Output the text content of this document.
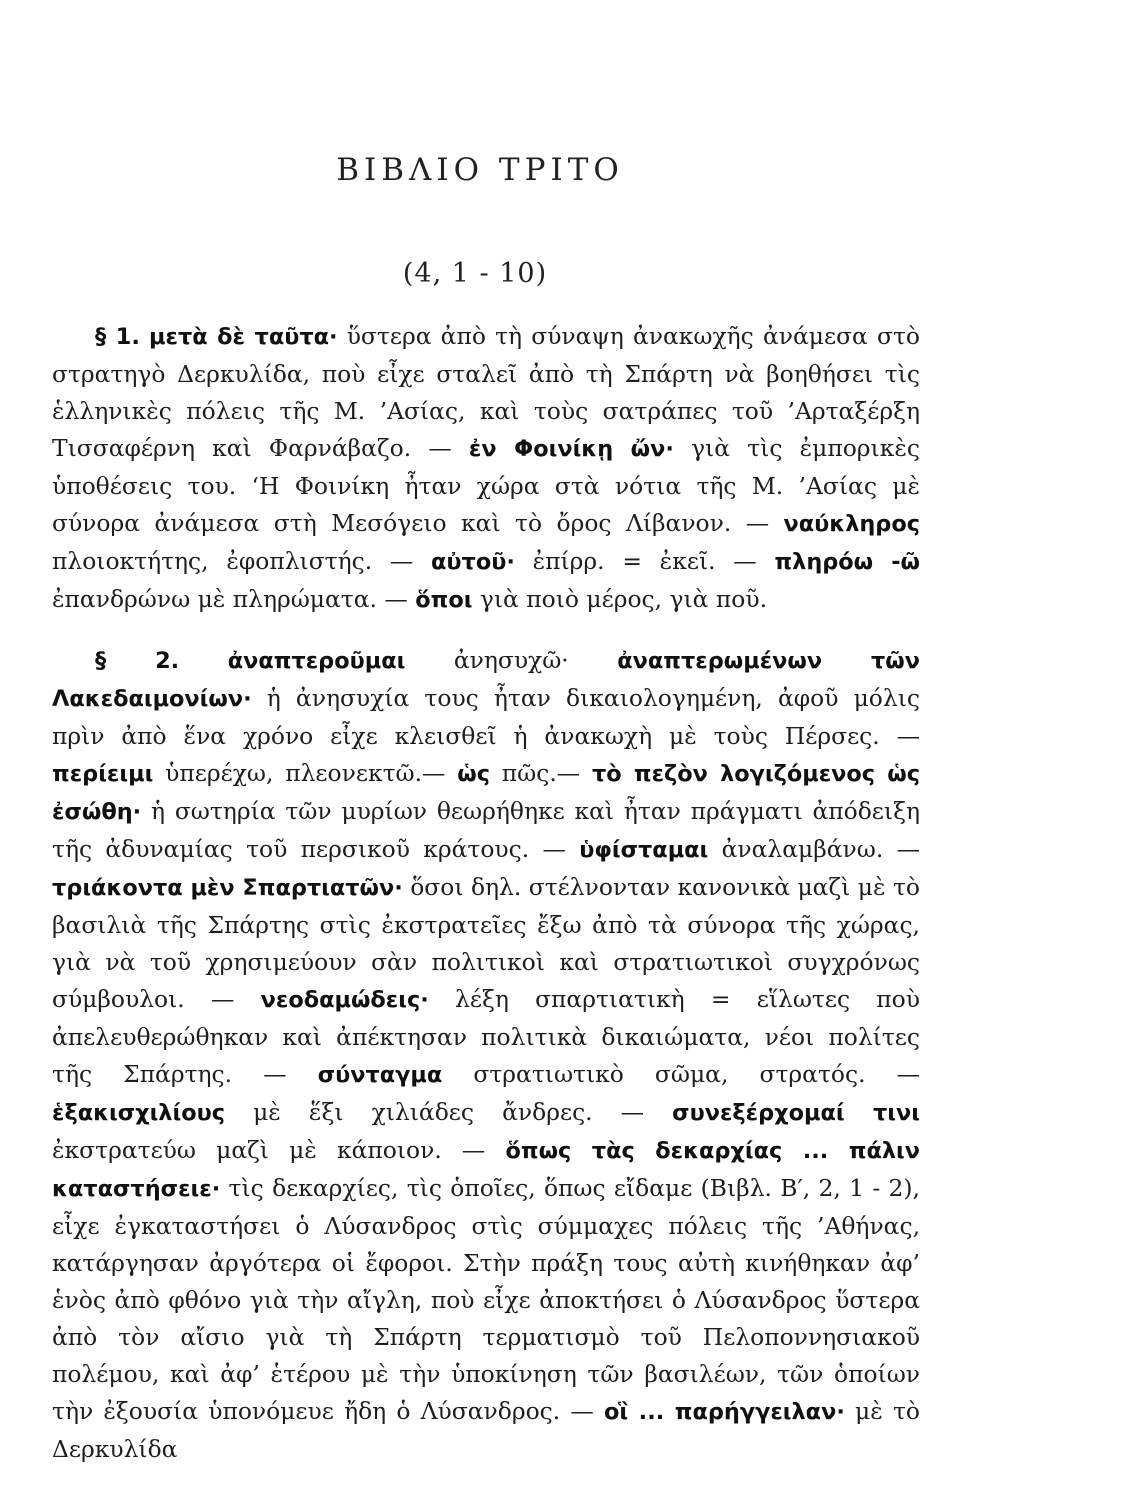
ΒΙΒΛΙΟ ΤΡΙΤΟ
(4, 1 - 10)

§ 1. μετὰ δὲ ταῦτα· ὕστερα ἀπὸ τὴ σύναψη ἀνακωχῆς ἀνάμεσα στὸ στρατηγὸ Δερκυλίδα, ποὺ εἶχε σταλεῖ ἀπὸ τὴ Σπάρτη νὰ βοηθήσει τὶς ἑλληνικὲς πόλεις τῆς Μ. ’Ασίας, καὶ τοὺς σατράπες τοῦ ’Αρταξέρξη Τισσαφέρνη καὶ Φαρνάβαζο. — ἐν Φοινίκῃ ὤν· γιὰ τὶς ἐμπορικὲς ὑποθέσεις του. ‘Η Φοινίκη ἦταν χώρα στὰ νότια τῆς Μ. ’Ασίας μὲ σύνορα ἀνάμεσα στὴ Μεσόγειο καὶ τὸ ὄρος Λίβανον. — ναύκληρος πλοιοκτήτης, ἐφοπλιστής. — αὐτοῦ· ἐπίρρ. = ἐκεῖ. — πληρόω -ῶ ἐπανδρώνω μὲ πληρώματα. — ὅποι γιὰ ποιὸ μέρος, γιὰ ποῦ.

§ 2. ἀναπτεροῦμαι ἀνησυχῶ· ἀναπτερωμένων τῶν Λακεδαιμονίων· ἡ ἀνησυχία τους ἦταν δικαιολογημένη, ἀφοῦ μόλις πρὶν ἀπὸ ἕνα χρόνο εἶχε κλεισθεῖ ἡ ἀνακωχὴ μὲ τοὺς Πέρσες. — περίειμι ὑπερέχω, πλεονεκτῶ.— ὡς πῶς.— τὸ πεζὸν λογιζόμενος ὡς ἐσώθη· ἡ σωτηρία τῶν μυρίων θεωρήθηκε καὶ ἦταν πράγματι ἀπόδειξη τῆς ἀδυναμίας τοῦ περσικοῦ κράτους. — ὑφίσταμαι ἀναλαμβάνω. — τριάκοντα μὲν Σπαρτιατῶν· ὅσοι δηλ. στέλνονταν κανονικὰ μαζὶ μὲ τὸ βασιλιὰ τῆς Σπάρτης στὶς ἐκστρατεῖες ἔξω ἀπὸ τὰ σύνορα τῆς χώρας, γιὰ νὰ τοῦ χρησιμεύουν σὰν πολιτικοὶ καὶ στρατιωτικοὶ συγχρόνως σύμβουλοι. — νεοδαμώδεις· λέξη σπαρτιατικὴ = εἵλωτες ποὺ ἀπελευθερώθηκαν καὶ ἀπέκτησαν πολιτικὰ δικαιώματα, νέοι πολίτες τῆς Σπάρτης. — σύνταγμα στρατιωτικὸ σῶμα, στρατός. — ἑξακισχιλίους μὲ ἕξι χιλιάδες ἄνδρες. — συνεξέρχομαί τινι ἐκστρατεύω μαζὶ μὲ κάποιον. — ὅπως τὰς δεκαρχίας ... πάλιν καταστήσειε· τὶς δεκαρχίες, τὶς ὁποῖες, ὅπως εἴδαμε (Βιβλ. Β′, 2, 1 - 2), εἶχε ἐγκαταστήσει ὁ Λύσανδρος στὶς σύμμαχες πόλεις τῆς ’Αθήνας, κατάργησαν ἀργότερα οἱ ἔφοροι. Στὴν πράξη τους αὐτὴ κινήθηκαν ἀφ’ ἑνὸς ἀπὸ φθόνο γιὰ τὴν αἴγλη, ποὺ εἶχε ἀποκτήσει ὁ Λύσανδρος ὕστερα ἀπὸ τὸν αἴσιο γιὰ τὴ Σπάρτη τερματισμὸ τοῦ Πελοποννησιακοῦ πολέμου, καὶ ἀφ’ ἑτέρου μὲ τὴν ὑποκίνηση τῶν βασιλέων, τῶν ὁποίων τὴν ἐξουσία ὑπονόμευε ἤδη ὁ Λύσανδρος. — οἳ ... παρήγγειλαν· μὲ τὸ Δερκυλίδα
